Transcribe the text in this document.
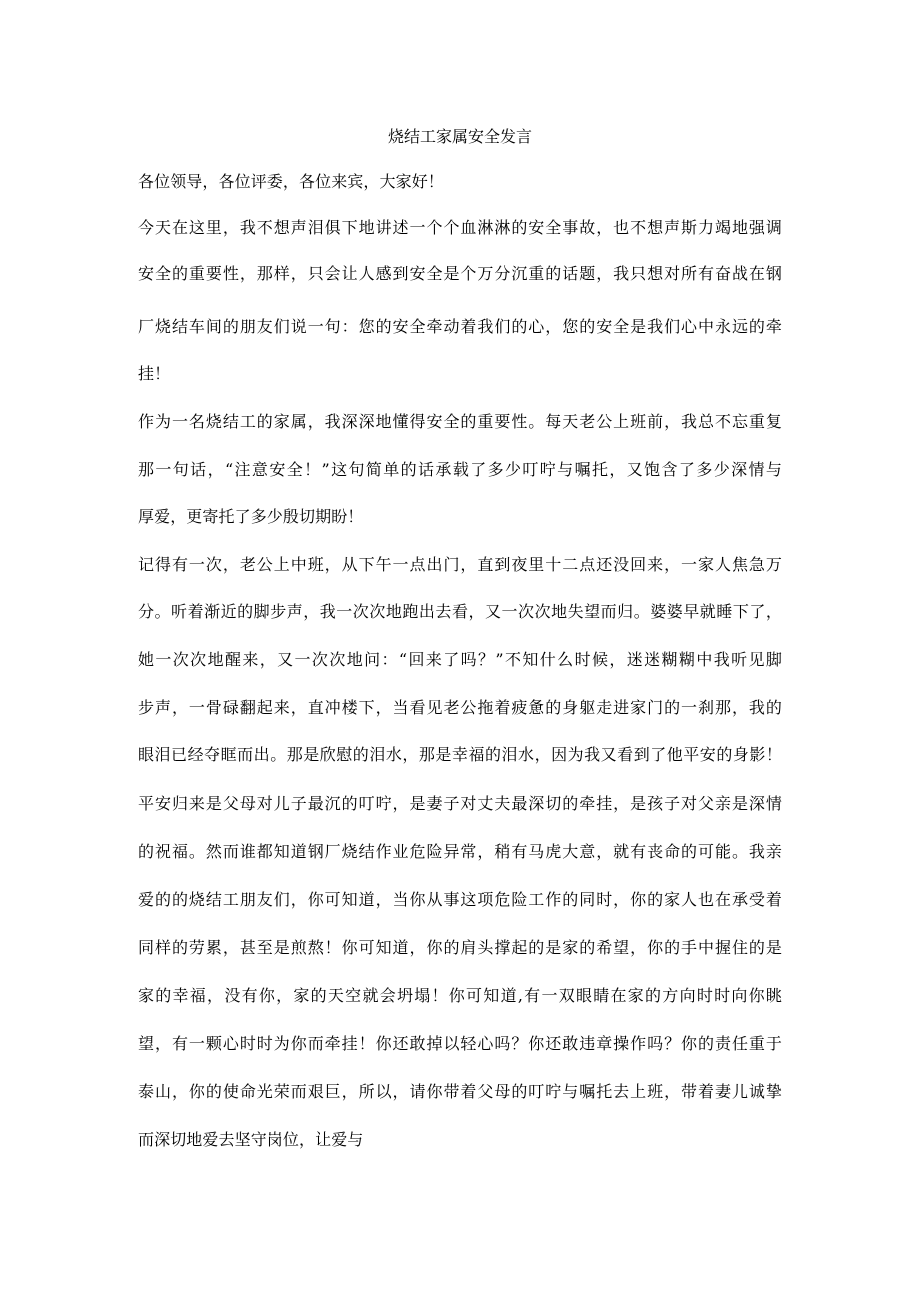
烧结工家属安全发言

各位领导，各位评委，各位来宾，大家好！

今天在这里，我不想声泪俱下地讲述一个个血淋淋的安全事故，也不想声斯力竭地强调

安全的重要性，那样，只会让人感到安全是个万分沉重的话题，我只想对所有奋战在钢

厂烧结车间的朋友们说一句：您的安全牵动着我们的心，您的安全是我们心中永远的牵

挂！

作为一名烧结工的家属，我深深地懂得安全的重要性。每天老公上班前，我总不忘重复

那一句话，“注意安全！”这句简单的话承载了多少叮咛与嘱托，又饱含了多少深情与

厚爱，更寄托了多少殷切期盼！

记得有一次，老公上中班，从下午一点出门，直到夜里十二点还没回来，一家人焦急万

分。听着渐近的脚步声，我一次次地跑出去看，又一次次地失望而归。婆婆早就睡下了，

她一次次地醒来，又一次次地问：“回来了吗？”不知什么时候，迷迷糊糊中我听见脚

步声，一骨碌翻起来，直冲楼下，当看见老公拖着疲惫的身躯走进家门的一刹那，我的

眼泪已经夺眶而出。那是欣慰的泪水，那是幸福的泪水，因为我又看到了他平安的身影！

平安归来是父母对儿子最沉的叮咛，是妻子对丈夫最深切的牵挂，是孩子对父亲是深情

的祝福。然而谁都知道钢厂烧结作业危险异常，稍有马虎大意，就有丧命的可能。我亲

爱的的烧结工朋友们，你可知道，当你从事这项危险工作的同时，你的家人也在承受着

同样的劳累，甚至是煎熬！你可知道，你的肩头撑起的是家的希望，你的手中握住的是

家的幸福，没有你，家的天空就会坍塌！你可知道,有一双眼睛在家的方向时时向你眺

望，有一颗心时时为你而牵挂！你还敢掉以轻心吗？你还敢违章操作吗？你的责任重于

泰山，你的使命光荣而艰巨，所以，请你带着父母的叮咛与嘱托去上班，带着妻儿诚挚

而深切地爱去坚守岗位，让爱与
